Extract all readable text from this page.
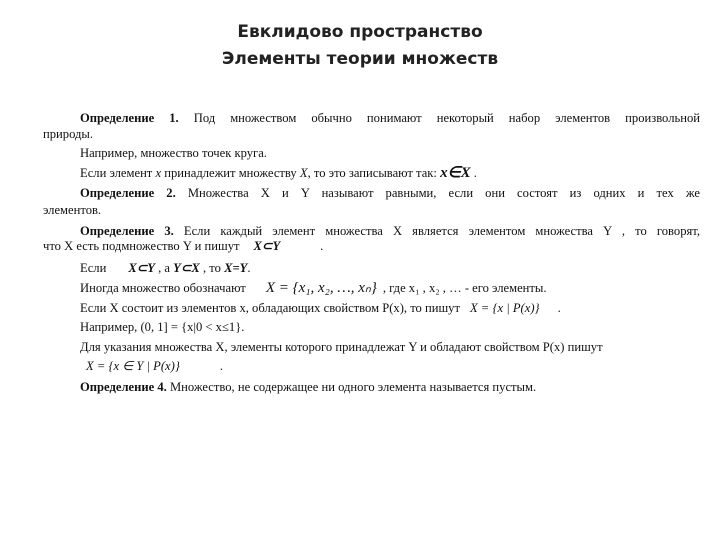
Евклидово пространство
Элементы теории множеств
Определение 1. Под множеством обычно понимают некоторый набор элементов произвольной
природы.
Например, множество точек круга.
Если элемент x принадлежит множеству X, то это записывают так: x∈X .
Определение 2. Множества X и Y называют равными, если они состоят из одних и тех же
элементов.
Определение 3. Если каждый элемент множества X является элементом множества Y , то говорят,
что X есть подмножество Y и пишут X⊂Y	.
Если X⊂Y , а Y⊂X , то X=Y.
Иногда множество обозначают X = {x₁, x₂, …, xₙ} , где x₁ , x₂ , … - его элементы.
Если X состоит из элементов x, обладающих свойством P(x), то пишут X = {x | P(x)} .
Например, (0, 1] = {x|0 < x≤1}.
Для указания множества X, элементы которого принадлежат Y и обладают свойством P(x) пишут
X = {x ∈ Y | P(x)}	.
Определение 4. Множество, не содержащее ни одного элемента называется пустым.
